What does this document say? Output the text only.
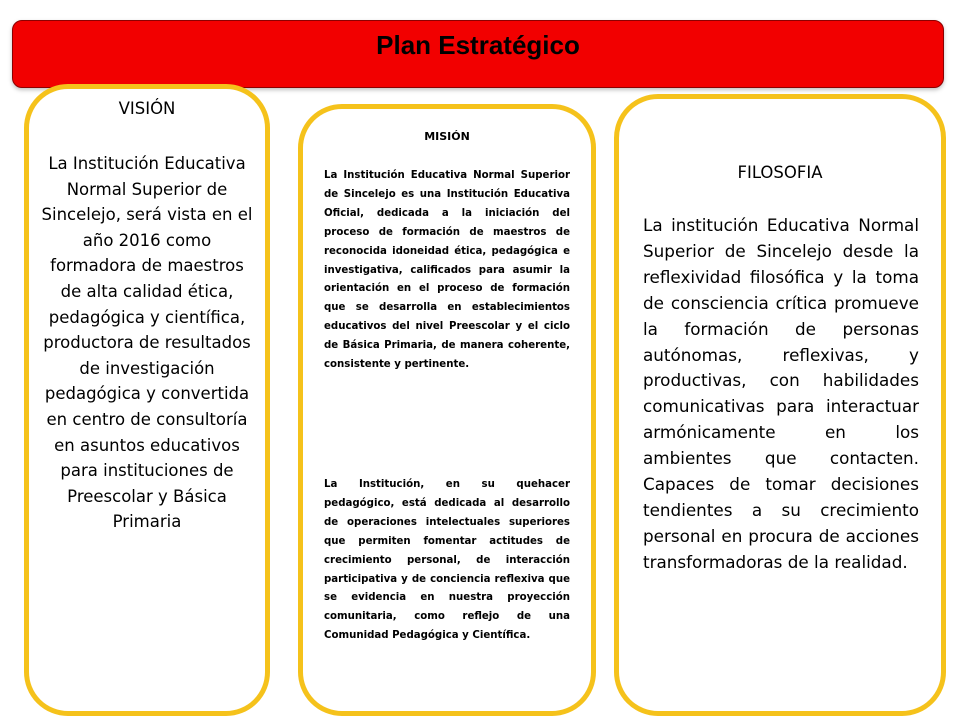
Plan Estratégico
VISIÓN
La Institución Educativa Normal Superior de Sincelejo, será vista en el año 2016 como formadora de maestros de alta calidad ética, pedagógica y científica, productora de resultados de investigación pedagógica y convertida en centro de consultoría en asuntos educativos para instituciones de Preescolar y Básica Primaria
MISIÓN
La Institución Educativa Normal Superior de Sincelejo es una Institución Educativa Oficial, dedicada a la iniciación del proceso de formación de maestros de reconocida idoneidad ética, pedagógica e investigativa, calificados para asumir la orientación en el proceso de formación que se desarrolla en establecimientos educativos del nivel Preescolar y el ciclo de Básica Primaria, de manera coherente, consistente y pertinente.
La Institución, en su quehacer pedagógico, está dedicada al desarrollo de operaciones intelectuales superiores que permiten fomentar actitudes de crecimiento personal, de interacción participativa y de conciencia reflexiva que se evidencia en nuestra proyección comunitaria, como reflejo de una Comunidad Pedagógica y Científica.
FILOSOFIA
La institución Educativa Normal Superior de Sincelejo desde la reflexividad filosófica y la toma de consciencia crítica promueve la formación de personas autónomas, reflexivas, y productivas, con habilidades comunicativas para interactuar armónicamente en los ambientes que contacten. Capaces de tomar decisiones tendientes a su crecimiento personal en procura de acciones transformadoras de la realidad.
